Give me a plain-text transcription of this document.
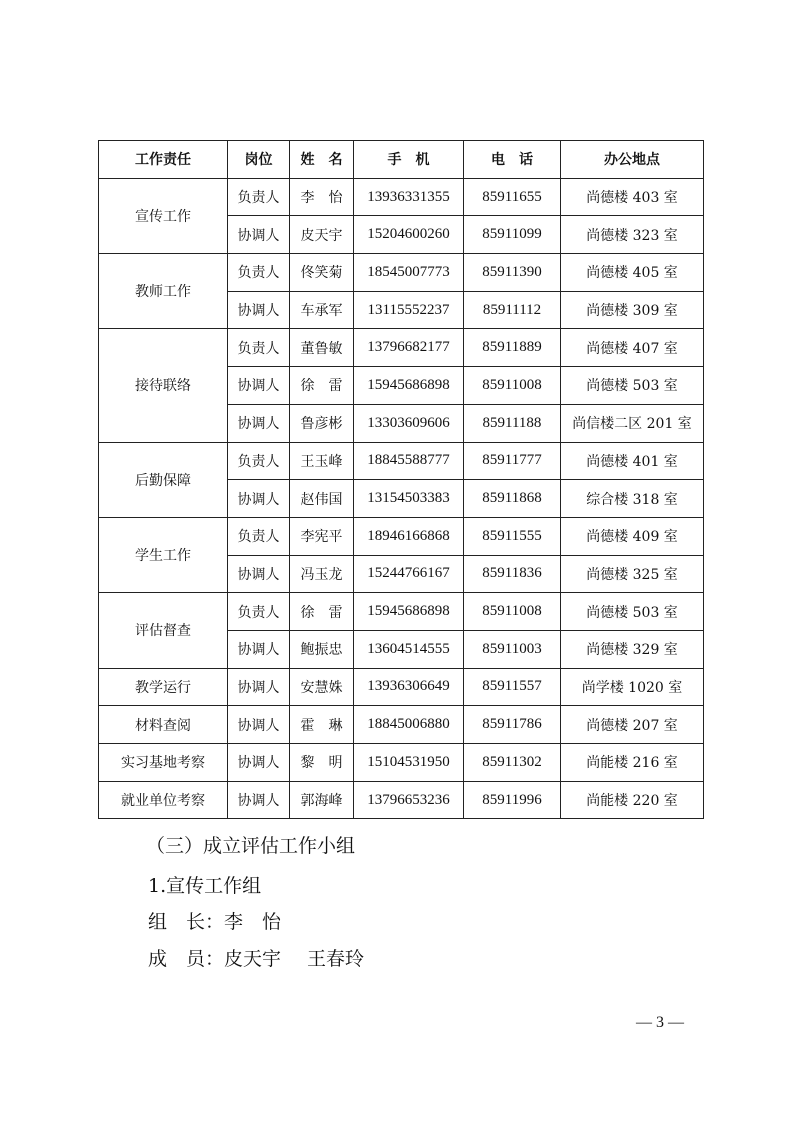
工作责任	岗位	姓　名	手　机	电　话	办公地点
宣传工作	负责人	李　怡	13936331355	85911655	尚德楼 403 室
	协调人	皮天宇	15204600260	85911099	尚德楼 323 室
教师工作	负责人	佟笑菊	18545007773	85911390	尚德楼 405 室
	协调人	车承军	13115552237	85911112	尚德楼 309 室
接待联络	负责人	董鲁敏	13796682177	85911889	尚德楼 407 室
	协调人	徐　雷	15945686898	85911008	尚德楼 503 室
	协调人	鲁彦彬	13303609606	85911188	尚信楼二区 201 室
后勤保障	负责人	王玉峰	18845588777	85911777	尚德楼 401 室
	协调人	赵伟国	13154503383	85911868	综合楼 318 室
学生工作	负责人	李宪平	18946166868	85911555	尚德楼 409 室
	协调人	冯玉龙	15244766167	85911836	尚德楼 325 室
评估督查	负责人	徐　雷	15945686898	85911008	尚德楼 503 室
	协调人	鲍振忠	13604514555	85911003	尚德楼 329 室
教学运行	协调人	安慧姝	13936306649	85911557	尚学楼 1020 室
材料查阅	协调人	霍　琳	18845006880	85911786	尚德楼 207 室
实习基地考察	协调人	黎　明	15104531950	85911302	尚能楼 216 室
就业单位考察	协调人	郭海峰	13796653236	85911996	尚能楼 220 室

（三）成立评估工作小组

1.宣传工作组

组　长：李　怡

成　员：皮天宇 王春玲

— 3 —
